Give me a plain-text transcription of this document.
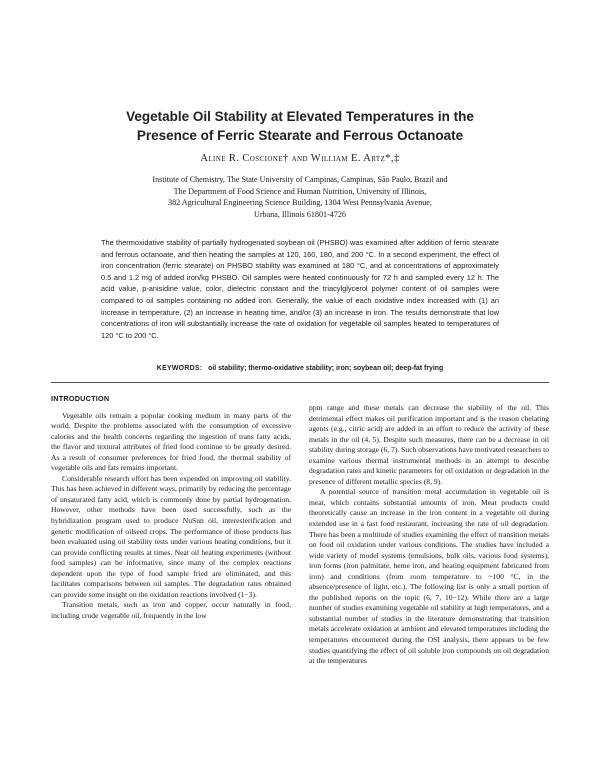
Vegetable Oil Stability at Elevated Temperatures in the
Presence of Ferric Stearate and Ferrous Octanoate
Aline R. Coscione† and William E. Artz*,‡
Institute of Chemistry, The State University of Campinas, Campinas, São Paulo, Brazil and
The Department of Food Science and Human Nutrition, University of Illinois,
382 Agricultural Engineering Science Building, 1304 West Pennsylvania Avenue,
Urbana, Illinois 61801-4726
The thermoxidative stability of partially hydrogenated soybean oil (PHSBO) was examined after addition of ferric stearate and ferrous octanoate, and then heating the samples at 120, 160, 180, and 200 °C. In a second experiment, the effect of iron concentration (ferric stearate) on PHSBO stability was examined at 180 °C, and at concentrations of approximately 0.5 and 1.2 mg of added iron/kg PHSBO. Oil samples were heated continuously for 72 h and sampled every 12 h. The acid value, p-anisidine value, color, dielectric constant and the triacylglycerol polymer content of oil samples were compared to oil samples containing no added iron. Generally, the value of each oxidative index increased with (1) an increase in temperature, (2) an increase in heating time, and/or (3) an increase in iron. The results demonstrate that low concentrations of iron will substantially increase the rate of oxidation for vegetable oil samples heated to temperatures of 120 °C to 200 °C.
KEYWORDS: oil stability; thermo-oxidative stability; iron; soybean oil; deep-fat frying
INTRODUCTION

Vegetable oils remain a popular cooking medium in many parts of the world. Despite the problems associated with the consumption of excessive calories and the health concerns regarding the ingestion of trans fatty acids, the flavor and textural attributes of fried food continue to be greatly desired. As a result of consumer preferences for fried food, the thermal stability of vegetable oils and fats remains important.

Considerable research effort has been expended on improving oil stability. This has been achieved in different ways, primarily by reducing the percentage of unsaturated fatty acid, which is commonly done by partial hydrogenation. However, other methods have been used successfully, such as the hybridization program used to produce NuSun oil, interesterification and genetic modification of oilseed crops. The performance of those products has been evaluated using oil stability tests under various heating conditions, but it can provide conflicting results at times. Neat oil heating experiments (without food samples) can be informative, since many of the complex reactions dependent upon the type of food sample fried are eliminated, and this facilitates comparisons between oil samples. The degradation rates obtained can provide some insight on the oxidation reactions involved (1−3).

Transition metals, such as iron and copper, occur naturally in food, including crude vegetable oil, frequently in the low

ppm range and these metals can decrease the stability of the oil. This detrimental effect makes oil purification important and is the reason chelating agents (e.g., citric acid) are added in an effort to reduce the activity of these metals in the oil (4, 5). Despite such measures, there can be a decrease in oil stability during storage (6, 7). Such observations have motivated researchers to examine various thermal instrumental methods in an attempt to describe degradation rates and kinetic parameters for oil oxidation or degradation in the presence of different metallic species (8, 9).

A potential source of transition metal accumulation in vegetable oil is meat, which contains substantial amounts of iron. Meat products could theoretically cause an increase in the iron content in a vegetable oil during extended use in a fast food restaurant, increasing the rate of oil degradation. There has been a multitude of studies examining the effect of transition metals on food oil oxidation under various conditions. The studies have included a wide variety of model systems (emulsions, bulk oils, various food systems), iron forms (iron palmitate, heme iron, and heating equipment fabricated from iron) and conditions (from room temperature to ~100 °C, in the absence/presence of light, etc.). The following list is only a small portion of the published reports on the topic (6, 7, 10−12). While there are a large number of studies examining vegetable oil stability at high temperatures, and a substantial number of studies in the literature demonstrating that transition metals accelerate oxidation at ambient and elevated temperatures including the temperatures encountered during the OSI analysis, there appears to be few studies quantifying the effect of oil soluble iron compounds on oil degradation at the temperatures
